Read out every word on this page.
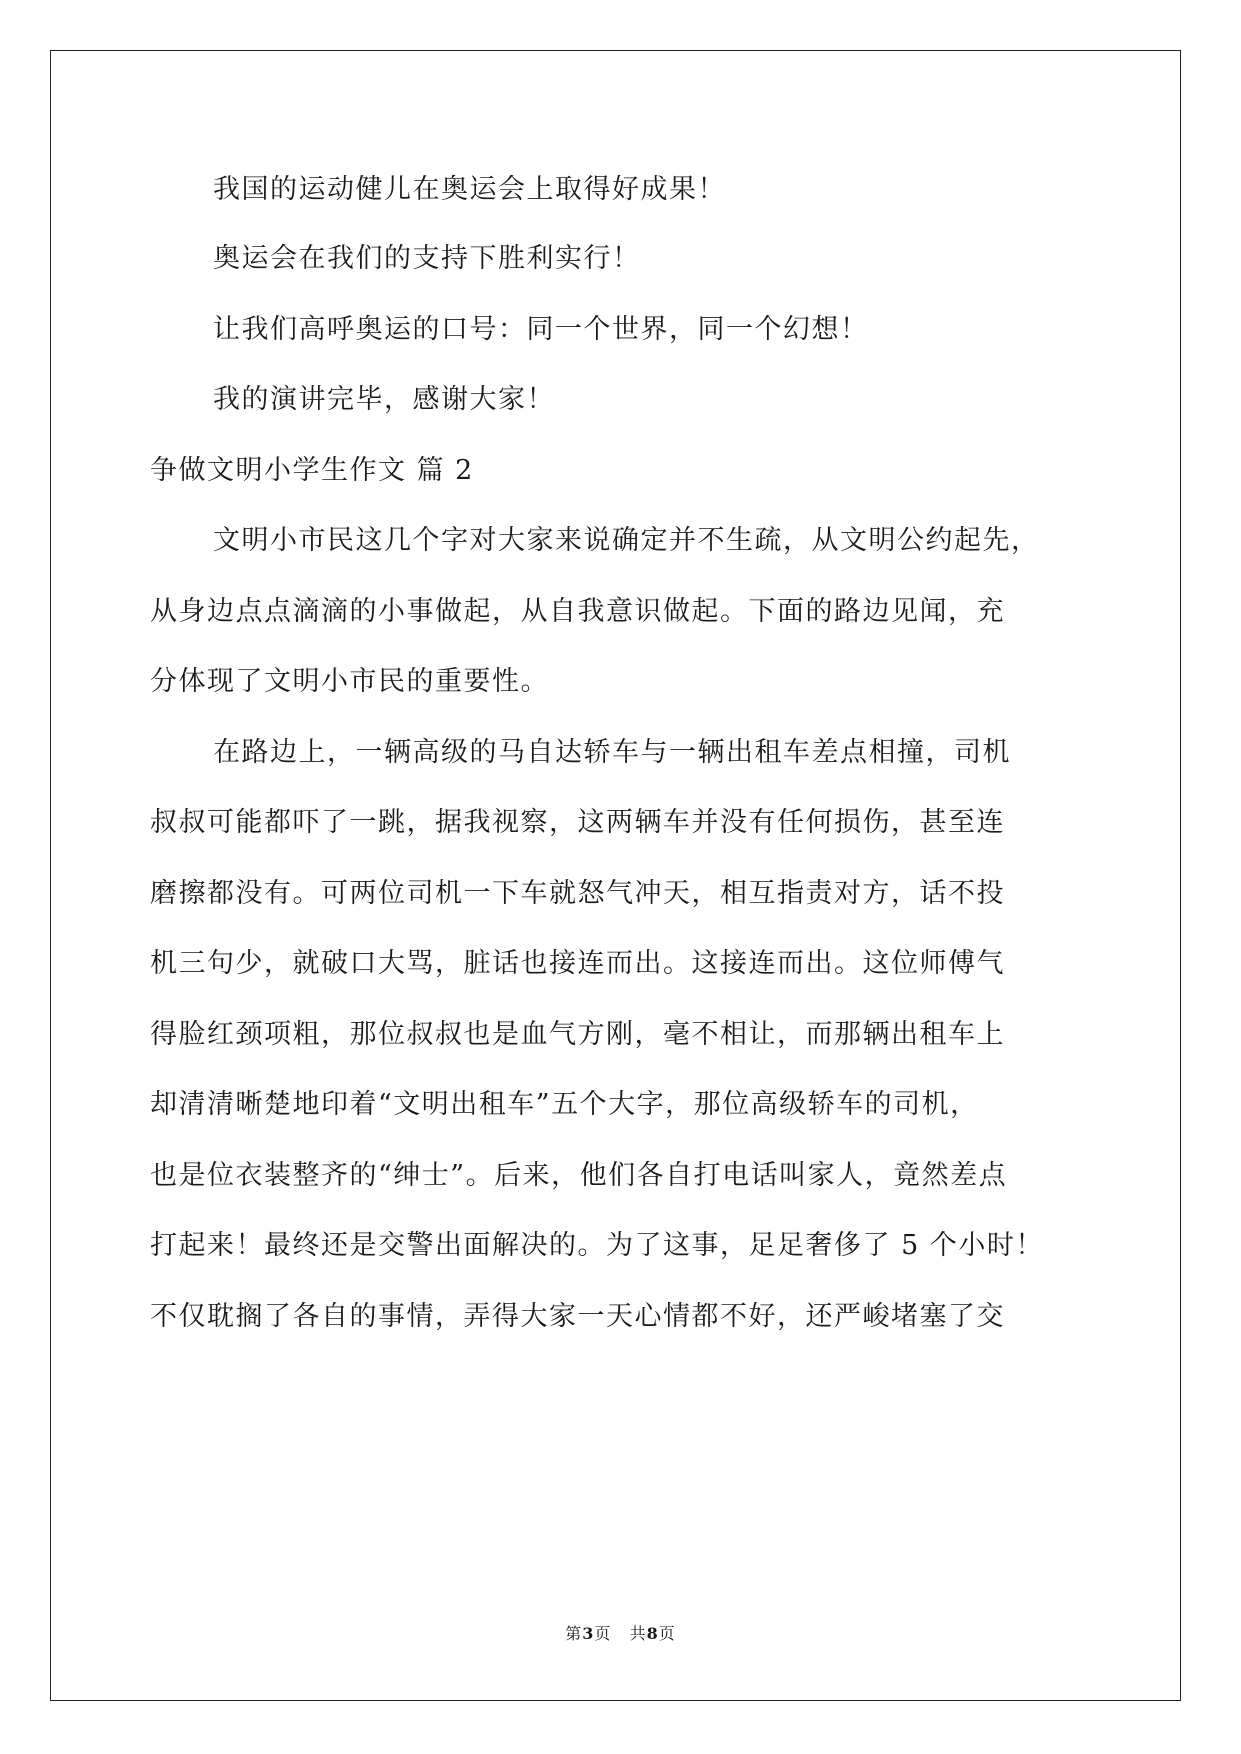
我国的运动健儿在奥运会上取得好成果！
奥运会在我们的支持下胜利实行！
让我们高呼奥运的口号：同一个世界，同一个幻想！
我的演讲完毕，感谢大家！
争做文明小学生作文 篇 2
文明小市民这几个字对大家来说确定并不生疏，从文明公约起先，
从身边点点滴滴的小事做起，从自我意识做起。下面的路边见闻，充
分体现了文明小市民的重要性。
在路边上，一辆高级的马自达轿车与一辆出租车差点相撞，司机
叔叔可能都吓了一跳，据我视察，这两辆车并没有任何损伤，甚至连
磨擦都没有。可两位司机一下车就怒气冲天，相互指责对方，话不投
机三句少，就破口大骂，脏话也接连而出。这接连而出。这位师傅气
得脸红颈项粗，那位叔叔也是血气方刚，毫不相让，而那辆出租车上
却清清晰楚地印着“文明出租车”五个大字，那位高级轿车的司机，
也是位衣装整齐的“绅士”。后来，他们各自打电话叫家人，竟然差点
打起来！最终还是交警出面解决的。为了这事，足足奢侈了 5 个小时！
不仅耽搁了各自的事情，弄得大家一天心情都不好，还严峻堵塞了交
第3页   共8页
